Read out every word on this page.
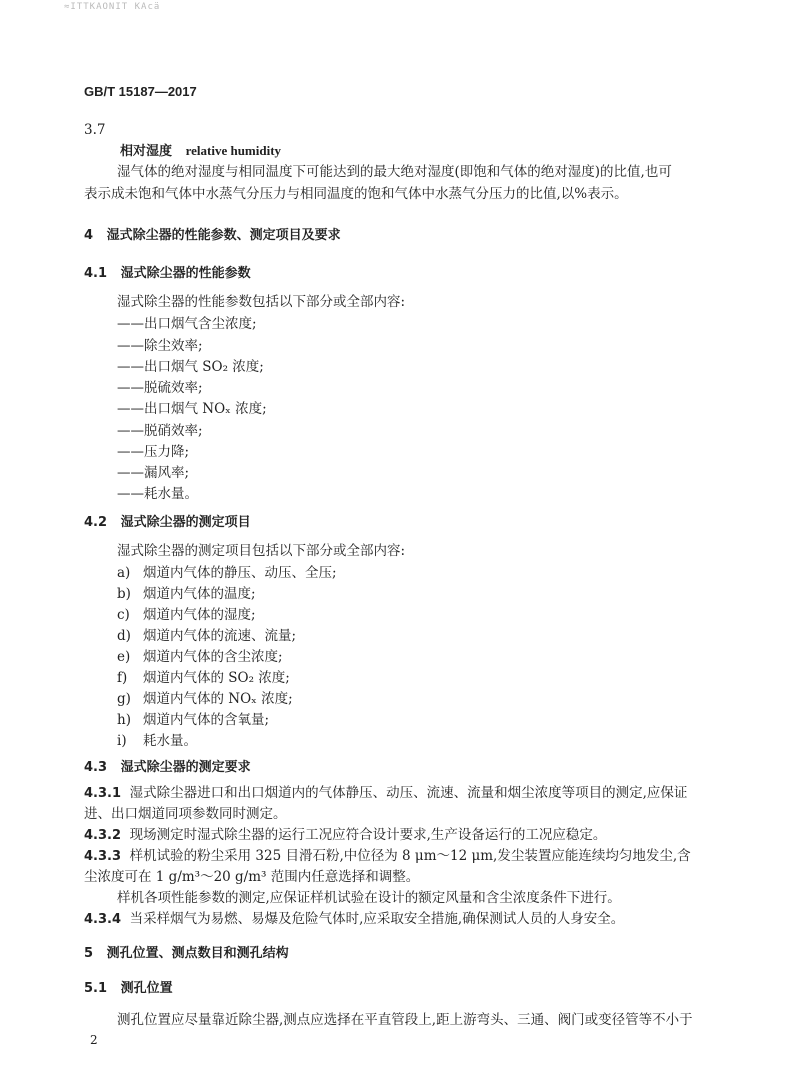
≈ITTKAONIT KAcä
GB/T 15187—2017
3.7
相对湿度 relative humidity
湿气体的绝对湿度与相同温度下可能达到的最大绝对湿度(即饱和气体的绝对湿度)的比值,也可
表示成未饱和气体中水蒸气分压力与相同温度的饱和气体中水蒸气分压力的比值,以%表示。
4 湿式除尘器的性能参数、测定项目及要求
4.1 湿式除尘器的性能参数
湿式除尘器的性能参数包括以下部分或全部内容:
——出口烟气含尘浓度;
——除尘效率;
——出口烟气 SO₂ 浓度;
——脱硫效率;
——出口烟气 NOₓ 浓度;
——脱硝效率;
——压力降;
——漏风率;
——耗水量。
4.2 湿式除尘器的测定项目
湿式除尘器的测定项目包括以下部分或全部内容:
a) 烟道内气体的静压、动压、全压;
b) 烟道内气体的温度;
c) 烟道内气体的湿度;
d) 烟道内气体的流速、流量;
e) 烟道内气体的含尘浓度;
f) 烟道内气体的 SO₂ 浓度;
g) 烟道内气体的 NOₓ 浓度;
h) 烟道内气体的含氧量;
i) 耗水量。
4.3 湿式除尘器的测定要求
4.3.1 湿式除尘器进口和出口烟道内的气体静压、动压、流速、流量和烟尘浓度等项目的测定,应保证
进、出口烟道同项参数同时测定。
4.3.2 现场测定时湿式除尘器的运行工况应符合设计要求,生产设备运行的工况应稳定。
4.3.3 样机试验的粉尘采用 325 目滑石粉,中位径为 8 μm～12 μm,发尘装置应能连续均匀地发尘,含
尘浓度可在 1 g/m³～20 g/m³ 范围内任意选择和调整。
样机各项性能参数的测定,应保证样机试验在设计的额定风量和含尘浓度条件下进行。
4.3.4 当采样烟气为易燃、易爆及危险气体时,应采取安全措施,确保测试人员的人身安全。
5 测孔位置、测点数目和测孔结构
5.1 测孔位置
测孔位置应尽量靠近除尘器,测点应选择在平直管段上,距上游弯头、三通、阀门或变径管等不小于
2
